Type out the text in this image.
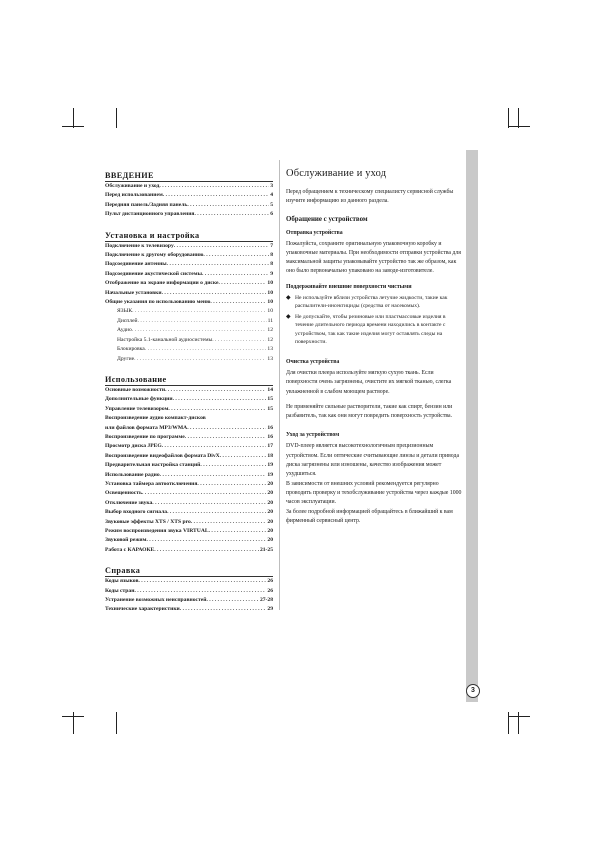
ВВЕДЕНИЕ
Обслуживание и уход . . .	3
Перед использованием . . .	4
Передняя панель/Задняя панель . . .	5
Пульт дистанционного управления . . .	6
Установка и настройка
Подключение к телевизору . . .	7
Подключение к другому оборудованию . . .	8
Подсоединение антенны . . .	8
Подсоединение акустической системы . . .	9
Отображение на экране информации о диске . . .	10
Начальные установки . . .	10
Общие указания по использованию меню . . .	10
ЯЗЫК . . .	10
Дисплей . . .	11
Аудио . . .	12
Настройка 5.1-канальной аудиосистемы . . .	12
Блокировка . . .	13
Другие . . .	13
Использование
Основные возможности . . .	14
Дополнительные функции . . .	15
Управление телевизором . . .	15
Воспроизведение аудио компакт-дисков
или файлов формата MP3/WMA . . .	16
Воспроизведение по программе . . .	16
Просмотр диска JPEG . . .	17
Воспроизведение видеофайлов формата DivX . . .	18
Предварительная настройка станций . . .	19
Использование радио . . .	19
Установка таймера автоотключения . . .	20
Освещенность . . .	20
Отключение звука . . .	20
Выбор входного сигнала . . .	20
Звуковые эффекты XTS / XTS pro . . .	20
Режим воспроизведения звука VIRTUAL . . .	20
Звуковой режим . . .	20
Работа с КАРАОКЕ . . .	21-25
Справка
Коды языков . . .	26
Коды стран . . .	26
Устранение возможных неисправностей . . .	27-28
Технические характеристики . . .	29
Обслуживание и уход

Перед обращением к техническому специалисту сервисной службы изучите информацию из данного раздела.

Обращение с устройством
Отправка устройства

Пожалуйста, сохраните оригинальную упаковочную коробку и упаковочные материалы. При необходимости отправки устройства для максимальной защиты упаковывайте устройство так же образом, как оно было первоначально упаковано на заводе-изготовителе.

Поддерживайте внешние поверхности чистыми
◆ Не используйте вблизи устройства летучие жидкости, такие как распылители-инсектициды (средства от насекомых).
◆ Не допускайте, чтобы резиновые или пластмассовые изделия в течение длительного периода времени находились в контакте с устройством, так как такие изделия могут оставлять следы на поверхности.
Очистка устройства

Для очистки плеера используйте мягкую сухую ткань. Если поверхности очень загрязнены, очистите их мягкой тканью, слегка увлажненной в слабом моющем растворе.

Не применяйте сильные растворители, такие как спирт, бензин или разбавитель, так как они могут повредить поверхность устройства.

Уход за устройством

DVD-плеер является высокотехнологичным прецизионным устройством. Если оптические считывающие линзы и детали привода диска загрязнены или изношены, качество изображения может ухудшиться.

В зависимости от внешних условий рекомендуется регулярно проводить проверку и техобслуживание устройства через каждые 1000 часов эксплуатации.

За более подробной информацией обращайтесь в ближайший к вам фирменный сервисный центр.

3
